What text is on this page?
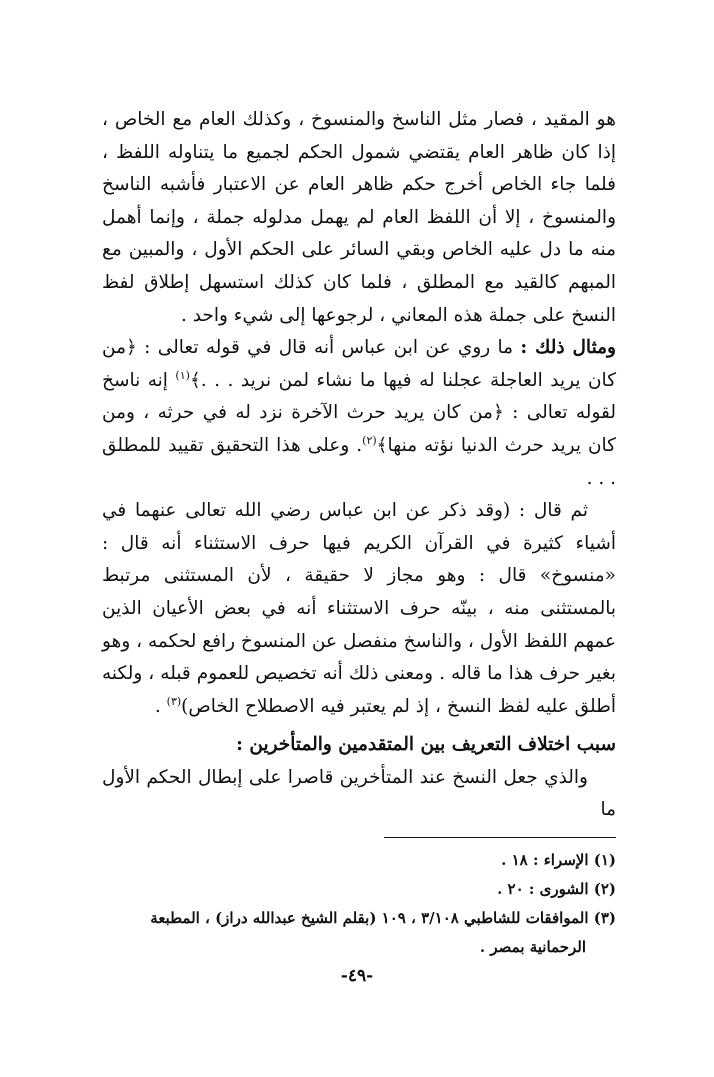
هو المقيد ، فصار مثل الناسخ والمنسوخ ، وكذلك العام مع الخاص ، إذا كان ظاهر العام يقتضي شمول الحكم لجميع ما يتناوله اللفظ ، فلما جاء الخاص أخرج حكم ظاهر العام عن الاعتبار فأشبه الناسخ والمنسوخ ، إلا أن اللفظ العام لم يهمل مدلوله جملة ، وإنما أهمل منه ما دل عليه الخاص وبقي السائر على الحكم الأول ، والمبين مع المبهم كالقيد مع المطلق ، فلما كان كذلك استسهل إطلاق لفظ النسخ على جملة هذه المعاني ، لرجوعها إلى شيء واحد .

ومثال ذلك : ما روي عن ابن عباس أنه قال في قوله تعالى : ﴿من كان يريد العاجلة عجلنا له فيها ما نشاء لمن نريد . . .﴾$^{(١)}$ إنه ناسخ لقوله تعالى : ﴿من كان يريد حرث الآخرة نزد له في حرثه ، ومن كان يريد حرث الدنيا نؤته منها﴾$^{(٢)}$. وعلى هذا التحقيق تقييد للمطلق . . .

ثم قال : (وقد ذكر عن ابن عباس رضي الله تعالى عنهما في أشياء كثيرة في القرآن الكريم فيها حرف الاستثناء أنه قال : «منسوخ» قال : وهو مجاز لا حقيقة ، لأن المستثنى مرتبط بالمستثنى منه ، بينّه حرف الاستثناء أنه في بعض الأعيان الذين عمهم اللفظ الأول ، والناسخ منفصل عن المنسوخ رافع لحكمه ، وهو بغير حرف هذا ما قاله . ومعنى ذلك أنه تخصيص للعموم قبله ، ولكنه أطلق عليه لفظ النسخ ، إذ لم يعتبر فيه الاصطلاح الخاص)$^{(٣)}$ .

سبب اختلاف التعريف بين المتقدمين والمتأخرين :

والذي جعل النسخ عند المتأخرين قاصرا على إبطال الحكم الأول ما

(١) الإسراء : ١٨ .

(٢) الشورى : ٢٠ .

(٣) الموافقات للشاطبي ٣/١٠٨ ، ١٠٩ (بقلم الشيخ عبدالله دراز) ، المطبعة

الرحمانية بمصر .

-٤٩-
